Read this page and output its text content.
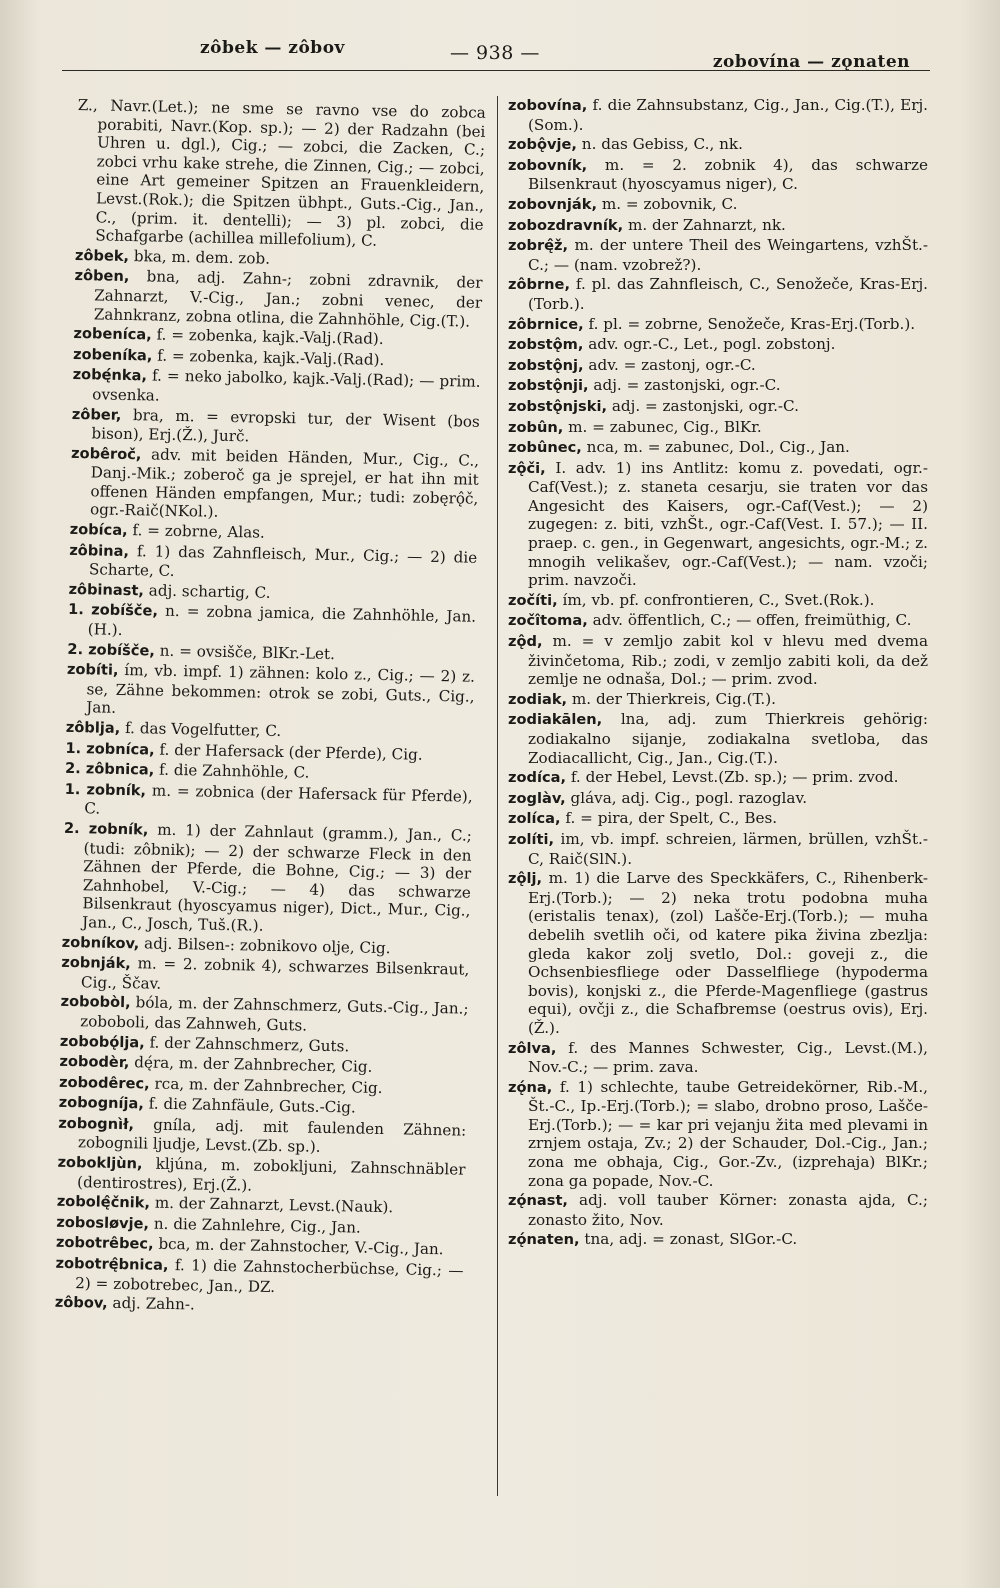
zôbek — zôbov	— 938 —	zobovína — zǫnaten

Z., Navr.(Let.); ne sme se ravno vse do zobca porabiti, Navr.(Kop. sp.); — 2) der Radzahn (bei Uhren u. dgl.), Cig.; — zobci, die Zacken, C.; zobci vrhu kake strehe, die Zinnen, Cig.; — zobci, eine Art gemeiner Spitzen an Frauenkleidern, Levst.(Rok.); die Spitzen übhpt., Guts.-Cig., Jan., C., (prim. it. dentelli); — 3) pl. zobci, die Schafgarbe (achillea millefolium), C.

zôbek, bka, m. dem. zob.

zôben, bna, adj. Zahn-; zobni zdravnik, der Zahnarzt, V.-Cig., Jan.; zobni venec, der Zahnkranz, zobna otlina, die Zahnhöhle, Cig.(T.).

zobeníca, f. = zobenka, kajk.-Valj.(Rad).

zobeníka, f. = zobenka, kajk.-Valj.(Rad).

zobę́nka, f. = neko jabolko, kajk.-Valj.(Rad); — prim. ovsenka.

zôber, bra, m. = evropski tur, der Wisent (bos bison), Erj.(Ž.), Jurč.

zobêroč, adv. mit beiden Händen, Mur., Cig., C., Danj.-Mik.; zoberoč ga je sprejel, er hat ihn mit offenen Händen empfangen, Mur.; tudi: zobęrǫ̂č, ogr.-Raič(NKol.).

zobíca, f. = zobrne, Alas.

zôbina, f. 1) das Zahnfleisch, Mur., Cig.; — 2) die Scharte, C.

zôbinast, adj. schartig, C.

1. zobíšče, n. = zobna jamica, die Zahnhöhle, Jan.(H.).

2. zobíšče, n. = ovsišče, BlKr.-Let.

zobíti, ím, vb. impf. 1) zähnen: kolo z., Cig.; — 2) z. se, Zähne bekommen: otrok se zobi, Guts., Cig., Jan.

zôblja, f. das Vogelfutter, C.

1. zobníca, f. der Hafersack (der Pferde), Cig.

2. zôbnica, f. die Zahnhöhle, C.

1. zobník, m. = zobnica (der Hafersack für Pferde), C.

2. zobník, m. 1) der Zahnlaut (gramm.), Jan., C.; (tudi: zôbnik); — 2) der schwarze Fleck in den Zähnen der Pferde, die Bohne, Cig.; — 3) der Zahnhobel, V.-Cig.; — 4) das schwarze Bilsenkraut (hyoscyamus niger), Dict., Mur., Cig., Jan., C., Josch, Tuš.(R.).

zobníkov, adj. Bilsen-: zobnikovo olje, Cig.

zobnják, m. = 2. zobnik 4), schwarzes Bilsenkraut, Cig., Ščav.

zobobòl, bóla, m. der Zahnschmerz, Guts.-Cig., Jan.; zoboboli, das Zahnweh, Guts.

zobobǫ́lja, f. der Zahnschmerz, Guts.

zobodèr, dę́ra, m. der Zahnbrecher, Cig.

zobodêrec, rca, m. der Zahnbrecher, Cig.

zobogníja, f. die Zahnfäule, Guts.-Cig.

zobognìł, gníla, adj. mit faulenden Zähnen: zobognili ljudje, Levst.(Zb. sp.).

zoboklјùn, kljúna, m. zobokljuni, Zahnschnäbler (dentirostres), Erj.(Ž.).

zobolę̂čnik, m. der Zahnarzt, Levst.(Nauk).

zobosløvje, n. die Zahnlehre, Cig., Jan.

zobotrêbec, bca, m. der Zahnstocher, V.-Cig., Jan.

zobotrę̂bnica, f. 1) die Zahnstocherbüchse, Cig.; — 2) = zobotrebec, Jan., DZ.

zôbov, adj. Zahn-.

zobovína, f. die Zahnsubstanz, Cig., Jan., Cig.(T.), Erj.(Som.).

zobǫ̂vje, n. das Gebiss, C., nk.

zobovník, m. = 2. zobnik 4), das schwarze Bilsenkraut (hyoscyamus niger), C.

zobovnják, m. = zobovnik, C.

zobozdravník, m. der Zahnarzt, nk.

zobrę̂ž, m. der untere Theil des Weingartens, vzhŠt.-C.; — (nam. vzobrež?).

zôbrne, f. pl. das Zahnfleisch, C., Senožeče, Kras-Erj.(Torb.).

zôbrnice, f. pl. = zobrne, Senožeče, Kras-Erj.(Torb.).

zobstǫ̂m, adv. ogr.-C., Let., pogl. zobstonj.

zobstǫ̂nj, adv. = zastonj, ogr.-C.

zobstǫ̂nji, adj. = zastonjski, ogr.-C.

zobstǫ̂njski, adj. = zastonjski, ogr.-C.

zobûn, m. = zabunec, Cig., BlKr.

zobûnec, nca, m. = zabunec, Dol., Cig., Jan.

zǫ̂či, I. adv. 1) ins Antlitz: komu z. povedati, ogr.-Caf(Vest.); z. staneta cesarju, sie traten vor das Angesicht des Kaisers, ogr.-Caf(Vest.); — 2) zugegen: z. biti, vzhŠt., ogr.-Caf(Vest. I. 57.); — II. praep. c. gen., in Gegenwart, angesichts, ogr.-M.; z. mnogih velikašev, ogr.-Caf(Vest.); — nam. vzoči; prim. navzoči.

zočíti, ím, vb. pf. confrontieren, C., Svet.(Rok.).

zočîtoma, adv. öffentlich, C.; — offen, freimüthig, C.

zǫ̂d, m. = v zemljo zabit kol v hlevu med dvema živinčetoma, Rib.; zodi, v zemljo zabiti koli, da dež zemlje ne odnaša, Dol.; — prim. zvod.

zodiak, m. der Thierkreis, Cig.(T.).

zodiakālen, lna, adj. zum Thierkreis gehörig: zodiakalno sijanje, zodiakalna svetloba, das Zodiacallicht, Cig., Jan., Cig.(T.).

zodíca, f. der Hebel, Levst.(Zb. sp.); — prim. zvod.

zoglàv, gláva, adj. Cig., pogl. razoglav.

zolíca, f. = pira, der Spelt, C., Bes.

zolíti, im, vb. impf. schreien, lärmen, brüllen, vzhŠt.-C, Raič(SlN.).

zǫ̂lj, m. 1) die Larve des Speckkäfers, C., Rihenberk-Erj.(Torb.); — 2) neka trotu podobna muha (eristalis tenax), (zol) Lašče-Erj.(Torb.); — muha debelih svetlih oči, od katere pika živina zbezlja: gleda kakor zolj svetlo, Dol.: goveji z., die Ochsenbiesfliege oder Dasselfliege (hypoderma bovis), konjski z., die Pferde-Magenfliege (gastrus equi), ovčji z., die Schafbremse (oestrus ovis), Erj.(Ž.).

zôlva, f. des Mannes Schwester, Cig., Levst.(M.), Nov.-C.; — prim. zava.

zǫ́na, f. 1) schlechte, taube Getreidekörner, Rib.-M., Št.-C., Ip.-Erj.(Torb.); = slabo, drobno proso, Lašče-Erj.(Torb.); — = kar pri vejanju žita med plevami in zrnjem ostaja, Zv.; 2) der Schauder, Dol.-Cig., Jan.; zona me obhaja, Cig., Gor.-Zv., (izprehaja) BlKr.; zona ga popade, Nov.-C.

zǫ́nast, adj. voll tauber Körner: zonasta ajda, C.; zonasto žito, Nov.

zǫ́naten, tna, adj. = zonast, SlGor.-C.
